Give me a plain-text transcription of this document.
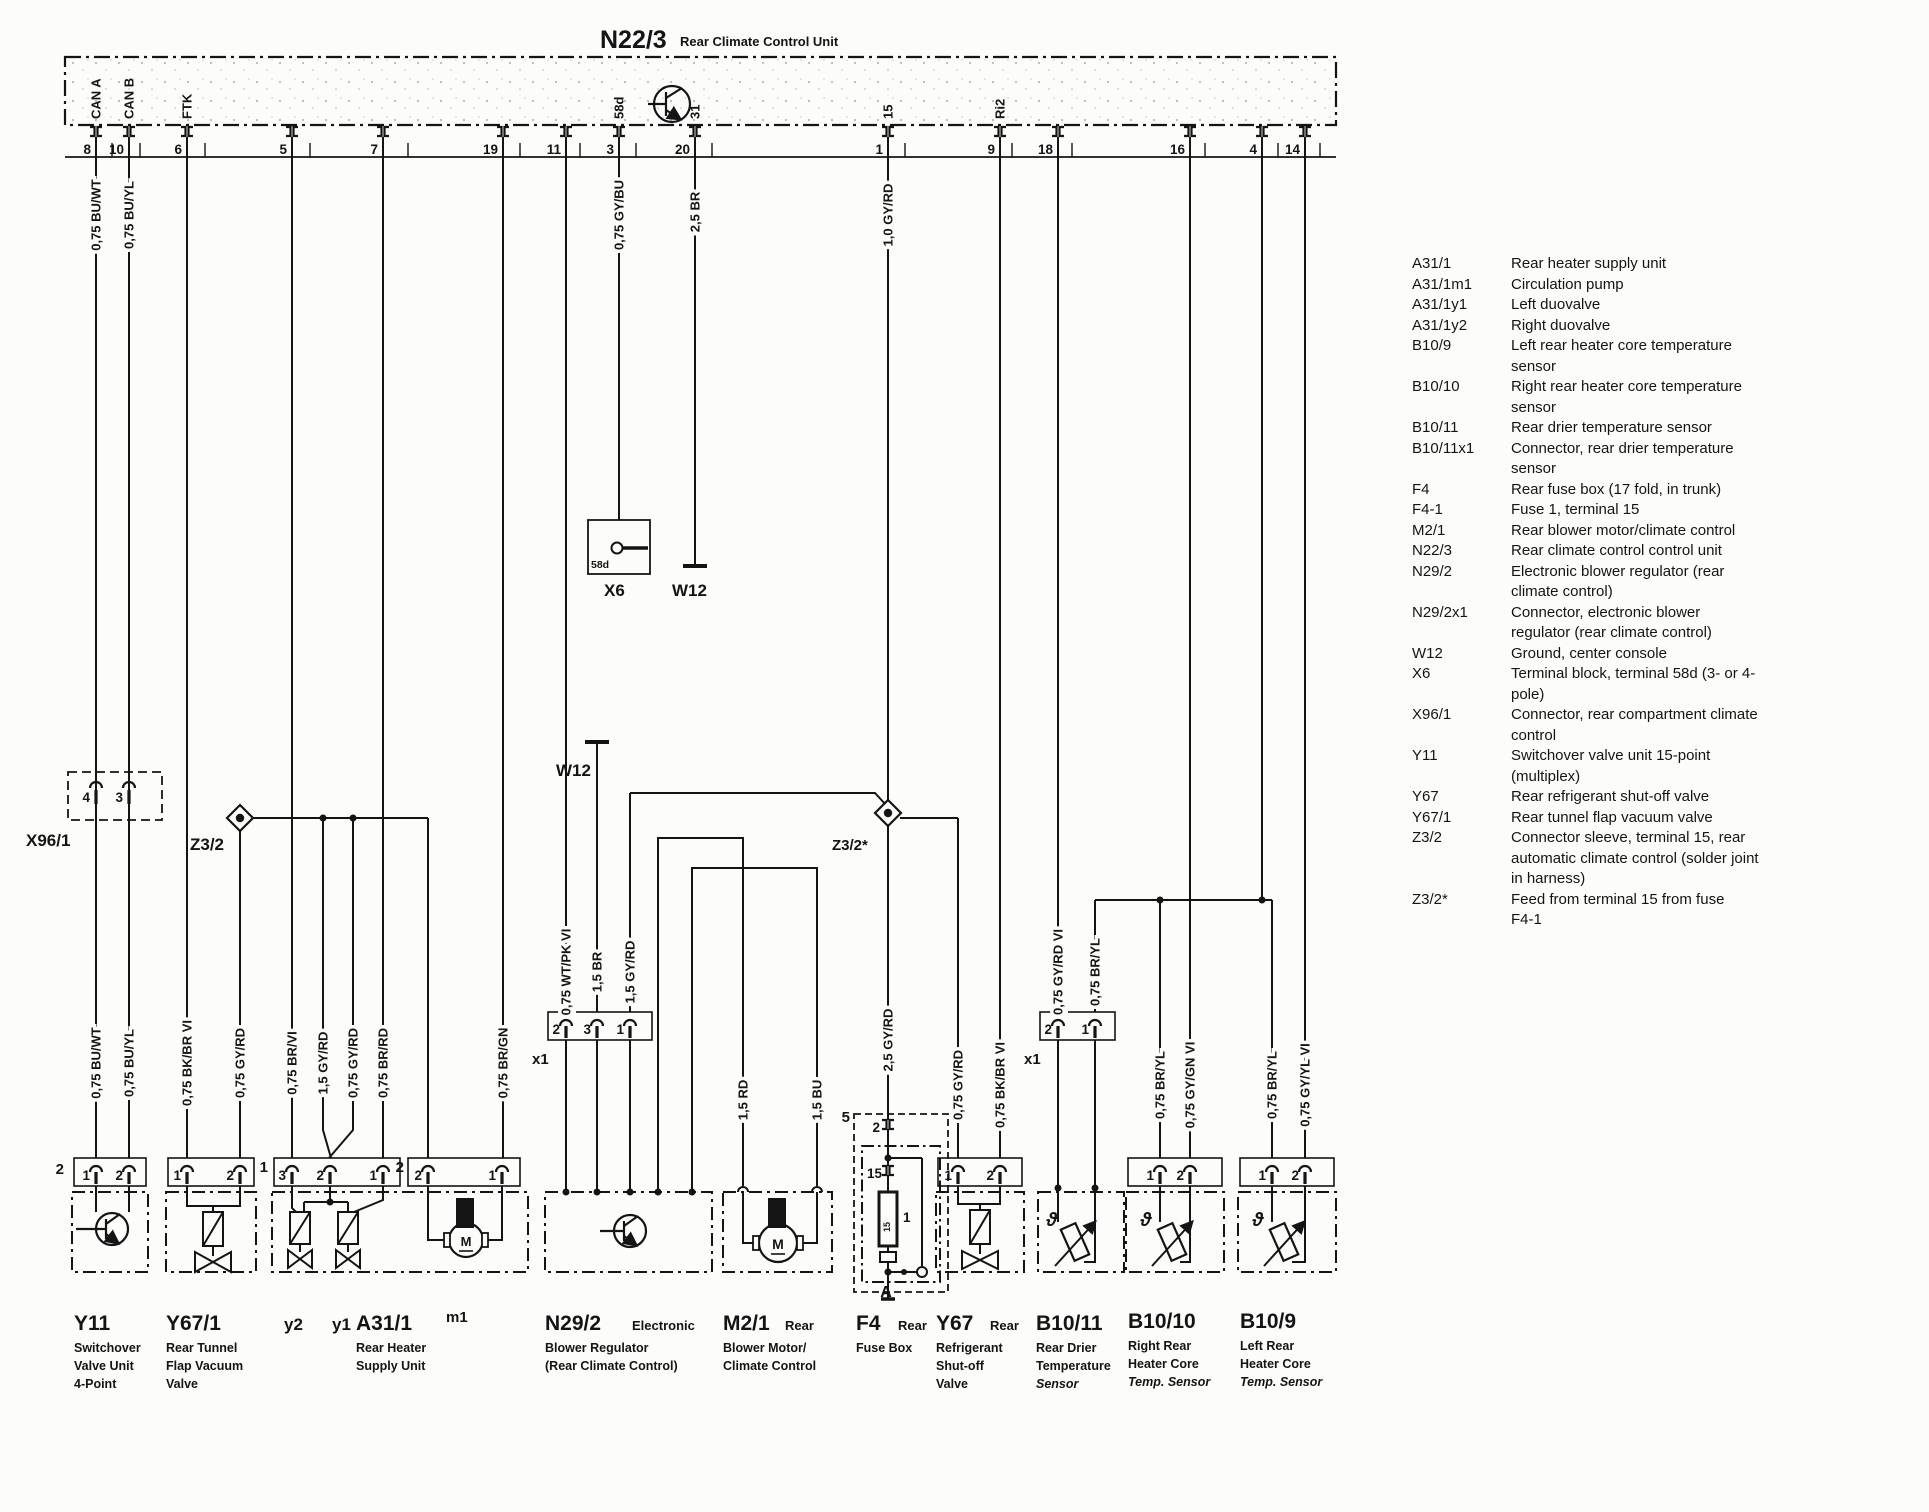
N22/3 Rear Climate Control Unit
X96/1	Z3/2	Z3/2*
58d
X6	W12
W12
x1	x1
Y11
Switchover
Valve Unit
4-Point
Y67/1
Rear Tunnel
Flap Vacuum
Valve
y2 y1 A31/1 m1
Rear Heater
Supply Unit
N29/2 Electronic
Blower Regulator
(Rear Climate Control)
M2/1 Rear
Blower Motor/
Climate Control
F4 Rear
Fuse Box
Y67 Rear
Refrigerant
Shut-off
Valve
B10/11
Rear Drier
Temperature
Sensor
B10/10
Right Rear
Heater Core
Temp. Sensor
B10/9
Left Rear
Heater Core
Temp. Sensor
8 10	6	5	7	19	11	3	20	1	9	18	16	4 14
CAN A CAN B	FTK	58d	31	15	Ri2
0,75 BU/WT 0,75 BU/YL	0,75 GY/BU	2,5 BR	1,0 GY/RD
0,75 BU/WT 0,75 BU/YL	0,75 BK/BR VI	0,75 GY/RD	0,75 BR/VI 1,5 GY/RD 0,75 GY/RD 0,75 BR/RD	0,75 BR/GN
0,75 WT/PK VI 1,5 BR 1,5 GY/RD
1,5 RD	1,5 BU
2,5 GY/RD
0,75 GY/RD 0,75 BK/BR VI
0,75 GY/RD VI 0,75 BR/YL
0,75 BR/YL 0,75 GY/GN VI	0,75 BR/YL 0,75 GY/YL VI
2 1 2	1	2 1 3 2	1 2 2	1
2 3 1	2 1
1	2	1 2	1 2
4 3
5
2
15
1
A
15	ϑ	ϑ	ϑ
M	M
A31/1	Rear heater supply unit
A31/1m1	Circulation pump
A31/1y1	Left duovalve
A31/1y2	Right duovalve
B10/9	Left rear heater core temperature
sensor
B10/10	Right rear heater core temperature
sensor
B10/11	Rear drier temperature sensor
B10/11x1	Connector, rear drier temperature
sensor
F4	Rear fuse box (17 fold, in trunk)
F4-1	Fuse 1, terminal 15
M2/1	Rear blower motor/climate control
N22/3	Rear climate control control unit
N29/2	Electronic blower regulator (rear
climate control)
N29/2x1	Connector, electronic blower
regulator (rear climate control)
W12	Ground, center console
X6	Terminal block, terminal 58d (3- or 4-
pole)
X96/1	Connector, rear compartment climate
control
Y11	Switchover valve unit 15-point
(multiplex)
Y67	Rear refrigerant shut-off valve
Y67/1	Rear tunnel flap vacuum valve
Z3/2	Connector sleeve, terminal 15, rear
automatic climate control (solder joint
in harness)
Z3/2*	Feed from terminal 15 from fuse
F4-1
